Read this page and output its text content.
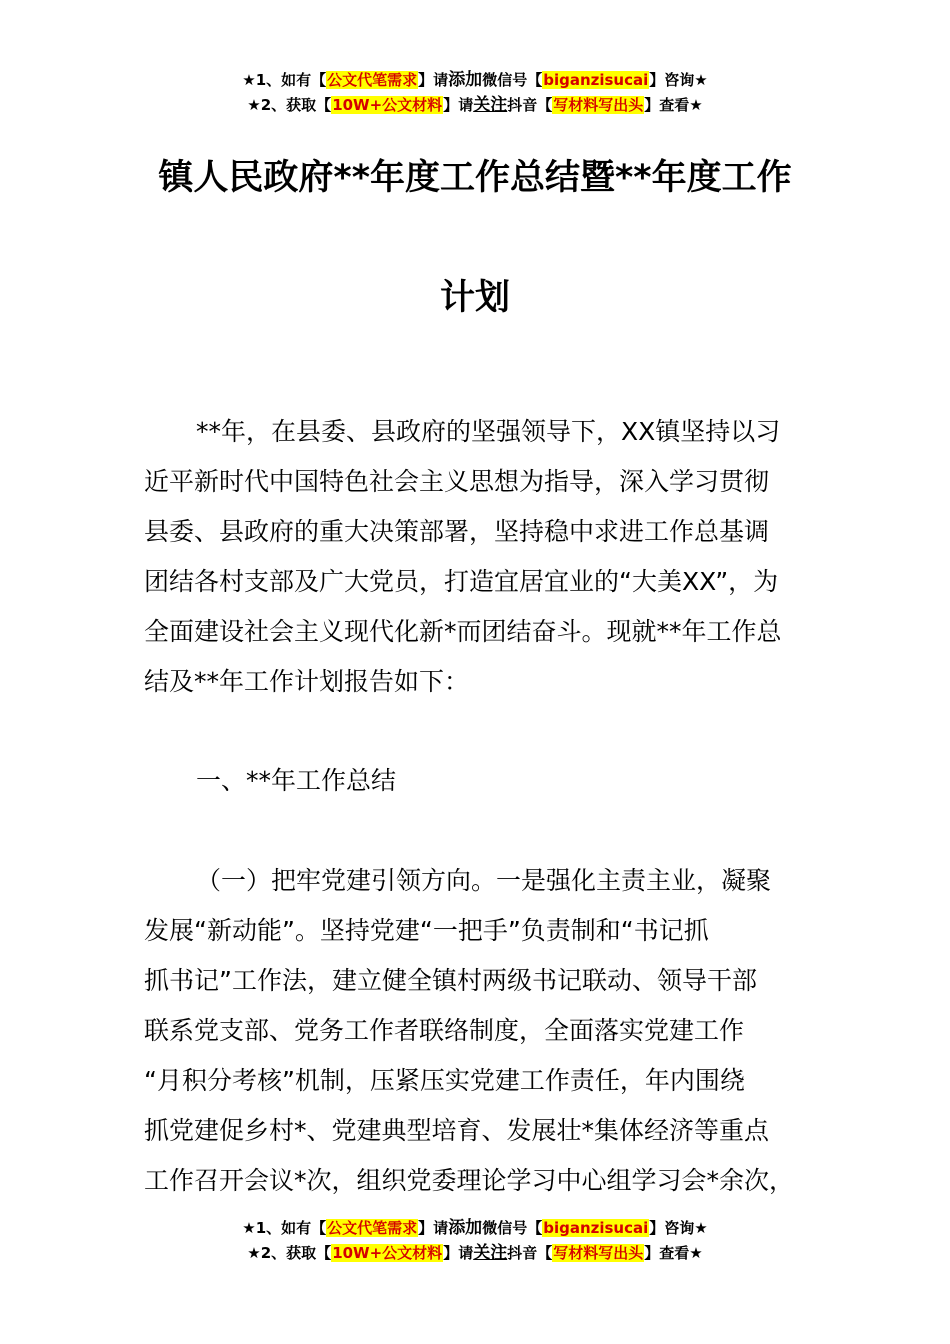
★1、如有【公文代笔需求】请添加微信号【biganzisucai】咨询★
★2、获取【10W+公文材料】请关注抖音【写材料写出头】查看★
镇人民政府**年度工作总结暨**年度工作
计划
**年，在县委、县政府的坚强领导下，XX镇坚持以习
近平新时代中国特色社会主义思想为指导，深入学习贯彻
县委、县政府的重大决策部署，坚持稳中求进工作总基调
团结各村支部及广大党员，打造宜居宜业的“大美XX”，为
全面建设社会主义现代化新*而团结奋斗。现就**年工作总
结及**年工作计划报告如下：
一、**年工作总结
（一）把牢党建引领方向。一是强化主责主业，凝聚
发展“新动能”。坚持党建“一把手”负责制和“书记抓
抓书记”工作法，建立健全镇村两级书记联动、领导干部
联系党支部、党务工作者联络制度，全面落实党建工作
“月积分考核”机制，压紧压实党建工作责任，年内围绕
抓党建促乡村*、党建典型培育、发展壮*集体经济等重点
工作召开会议*次，组织党委理论学习中心组学习会*余次，
★1、如有【公文代笔需求】请添加微信号【biganzisucai】咨询★
★2、获取【10W+公文材料】请关注抖音【写材料写出头】查看★
